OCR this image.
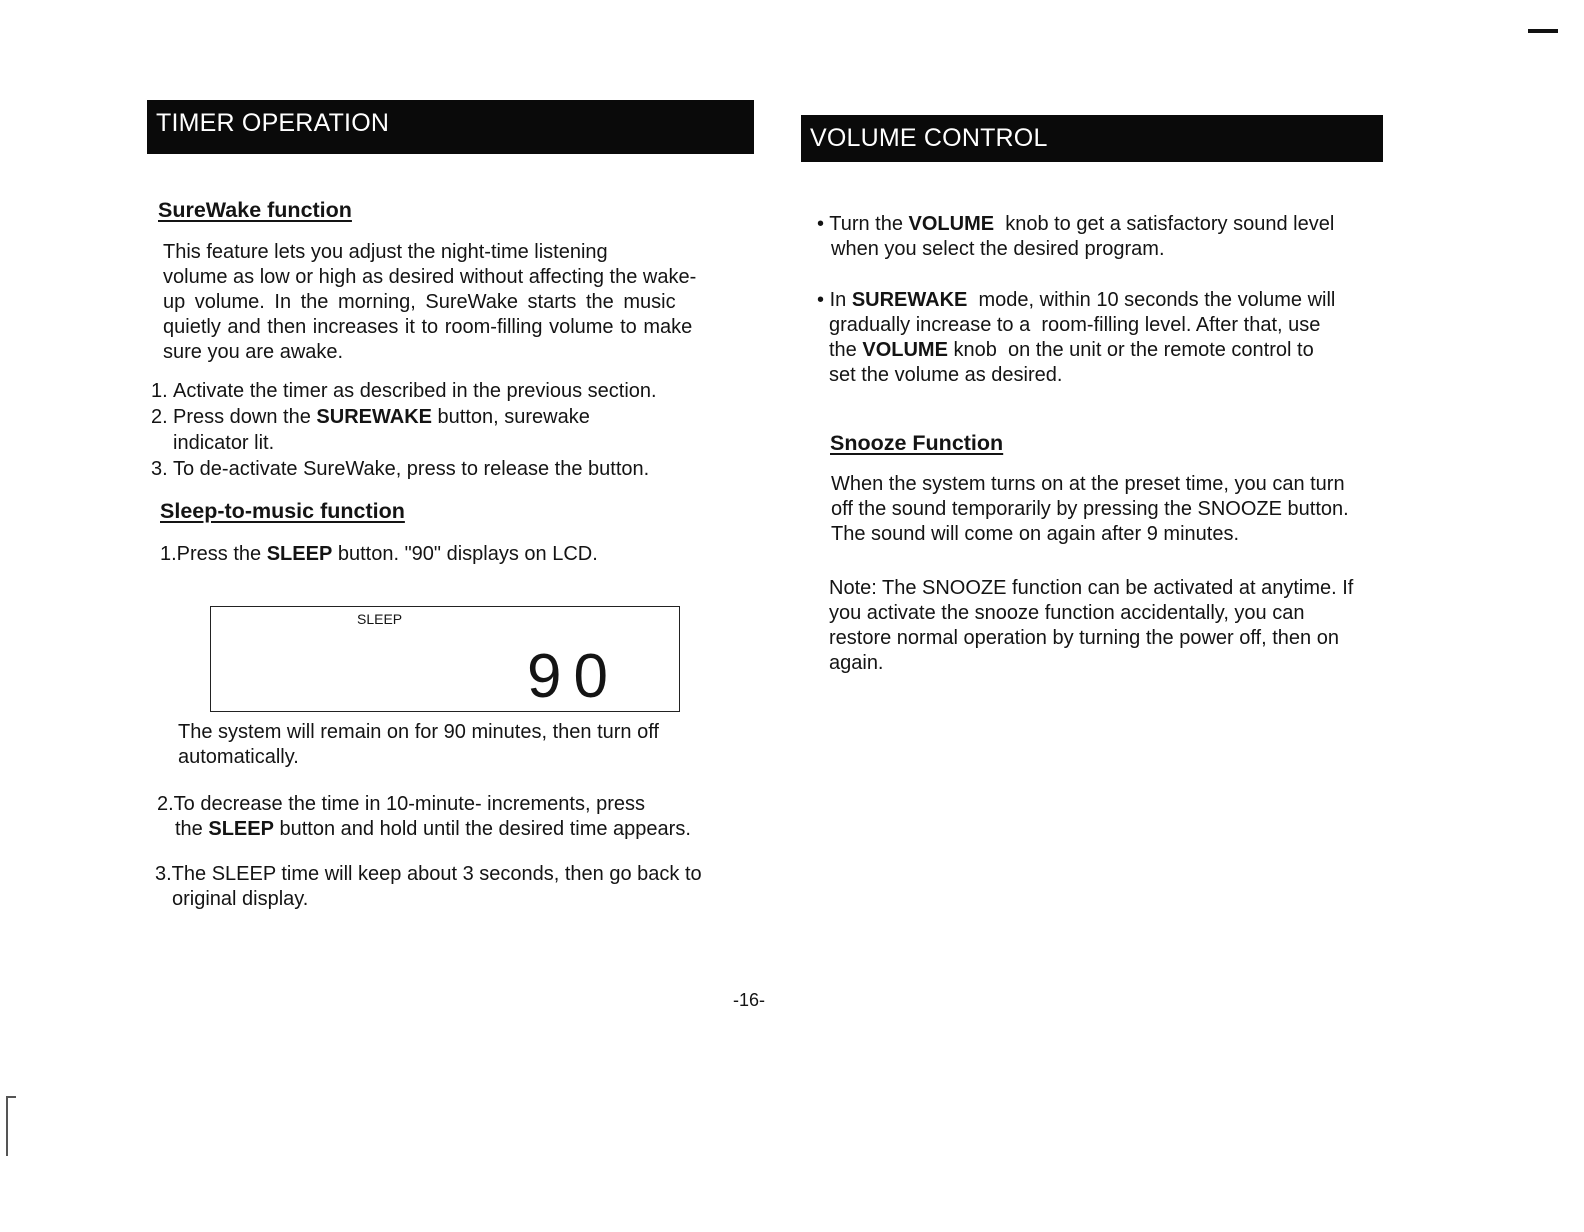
TIMER OPERATION
SureWake function
This feature lets you adjust the night-time listening
volume as low or high as desired without affecting the wake-
up volume. In the morning, SureWake starts the music
quietly and then increases it to room-filling volume to make
sure you are awake.
1. Activate the timer as described in the previous section.
2. Press down the SUREWAKE button, surewake
indicator lit.
3. To de-activate SureWake, press to release the button.
Sleep-to-music function
1.Press the SLEEP button. "90" displays on LCD.
SLEEP
90
The system will remain on for 90 minutes, then turn off
automatically.
2.To decrease the time in 10-minute- increments, press
the SLEEP button and hold until the desired time appears.
3.The SLEEP time will keep about 3 seconds, then go back to
original display.
VOLUME CONTROL
• Turn the VOLUME  knob to get a satisfactory sound level
when you select the desired program.
• In SUREWAKE  mode, within 10 seconds the volume will
gradually increase to a  room-filling level. After that, use
the VOLUME knob  on the unit or the remote control to
set the volume as desired.
Snooze Function
When the system turns on at the preset time, you can turn
off the sound temporarily by pressing the SNOOZE button.
The sound will come on again after 9 minutes.
Note: The SNOOZE function can be activated at anytime. If
you activate the snooze function accidentally, you can
restore normal operation by turning the power off, then on
again.
-16-
